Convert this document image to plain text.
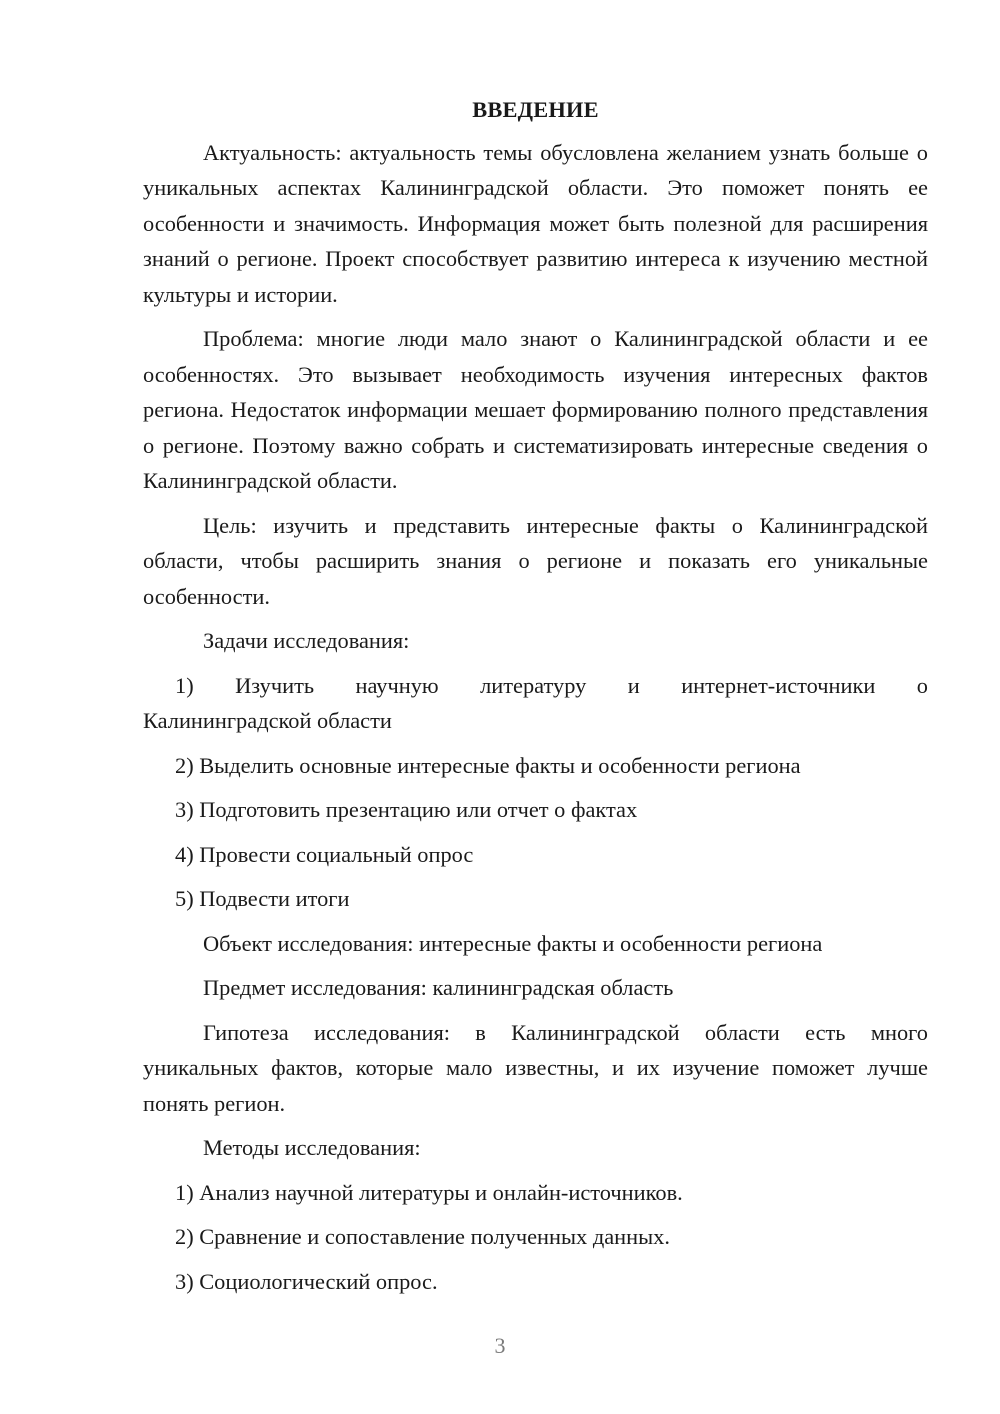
ВВЕДЕНИЕ

Актуальность: актуальность темы обусловлена желанием узнать больше о уникальных аспектах Калининградской области. Это поможет понять ее особенности и значимость. Информация может быть полезной для расширения знаний о регионе. Проект способствует развитию интереса к изучению местной культуры и истории.

Проблема: многие люди мало знают о Калининградской области и ее особенностях. Это вызывает необходимость изучения интересных фактов региона. Недостаток информации мешает формированию полного представления о регионе. Поэтому важно собрать и систематизировать интересные сведения о Калининградской области.

Цель: изучить и представить интересные факты о Калининградской области, чтобы расширить знания о регионе и показать его уникальные особенности.

Задачи исследования:
1) Изучить научную литературу и интернет-источники о
Калининградской области
2) Выделить основные интересные факты и особенности региона
3) Подготовить презентацию или отчет о фактах
4) Провести социальный опрос
5) Подвести итоги
Объект исследования: интересные факты и особенности региона
Предмет исследования: калининградская область

Гипотеза исследования: в Калининградской области есть много уникальных фактов, которые мало известны, и их изучение поможет лучше понять регион.

Методы исследования:
1) Анализ научной литературы и онлайн-источников.
2) Сравнение и сопоставление полученных данных.
3) Социологический опрос.
3
